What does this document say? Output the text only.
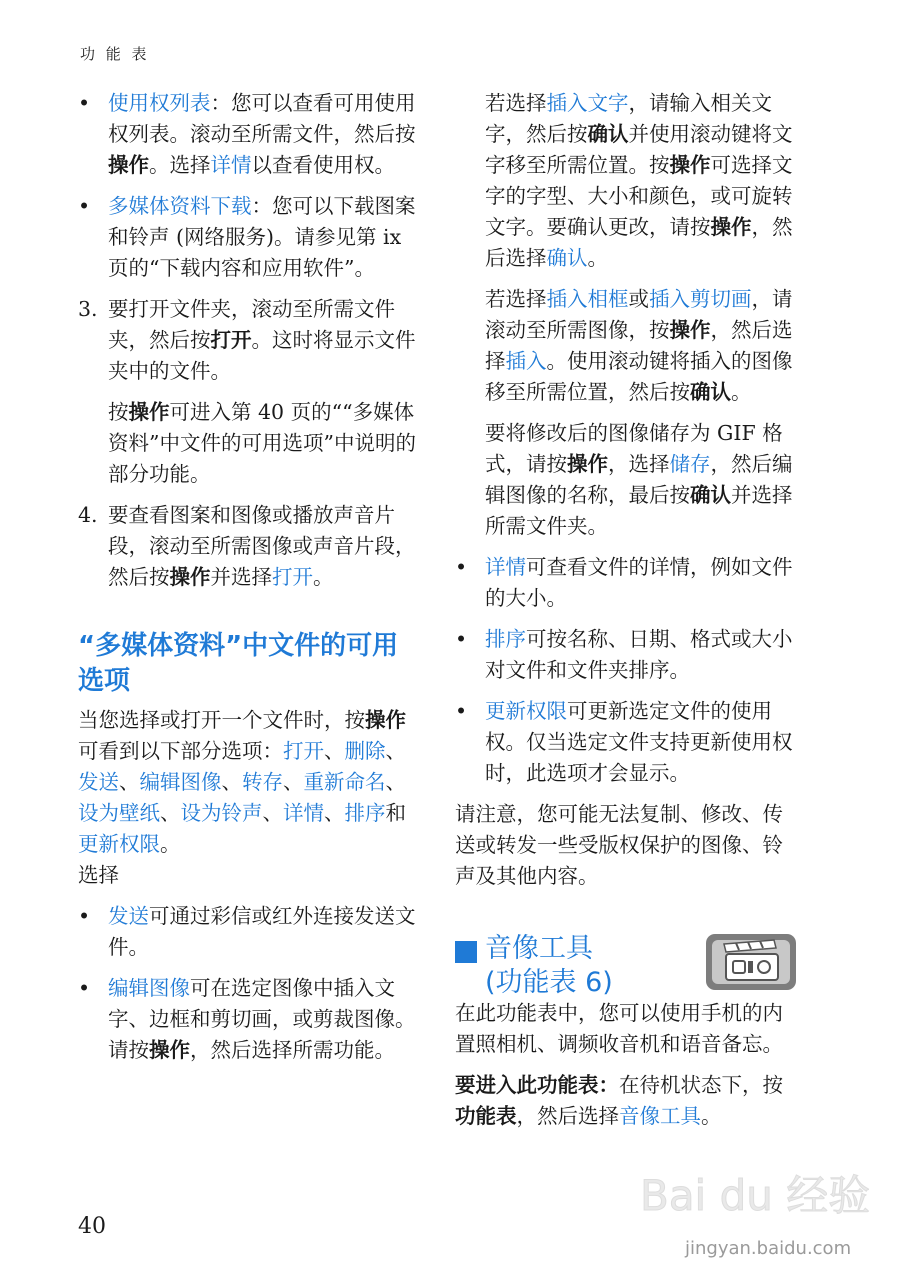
功 能 表
• 使用权列表：您可以查看可用使用权列表。滚动至所需文件，然后按操作。选择详情以查看使用权。
• 多媒体资料下载：您可以下载图案和铃声 (网络服务)。请参见第 ix 页的“下载内容和应用软件”。
3. 要打开文件夹，滚动至所需文件夹，然后按打开。这时将显示文件夹中的文件。
按操作可进入第 40 页的““多媒体资料”中文件的可用选项”中说明的部分功能。
4. 要查看图案和图像或播放声音片段，滚动至所需图像或声音片段，然后按操作并选择打开。
“多媒体资料”中文件的可用选项
当您选择或打开一个文件时，按操作可看到以下部分选项：打开、删除、发送、编辑图像、转存、重新命名、设为壁纸、设为铃声、详情、排序和更新权限。
选择
• 发送可通过彩信或红外连接发送文件。
• 编辑图像可在选定图像中插入文字、边框和剪切画，或剪裁图像。请按操作，然后选择所需功能。
若选择插入文字，请输入相关文字，然后按确认并使用滚动键将文字移至所需位置。按操作可选择文字的字型、大小和颜色，或可旋转文字。要确认更改，请按操作，然后选择确认。
若选择插入相框或插入剪切画，请滚动至所需图像，按操作，然后选择插入。使用滚动键将插入的图像移至所需位置，然后按确认。
要将修改后的图像储存为 GIF 格式，请按操作，选择储存，然后编辑图像的名称，最后按确认并选择所需文件夹。
• 详情可查看文件的详情，例如文件的大小。
• 排序可按名称、日期、格式或大小对文件和文件夹排序。
• 更新权限可更新选定文件的使用权。仅当选定文件支持更新使用权时，此选项才会显示。
请注意，您可能无法复制、修改、传送或转发一些受版权保护的图像、铃声及其他内容。
音像工具
(功能表 6)
在此功能表中，您可以使用手机的内置照相机、调频收音机和语音备忘。
要进入此功能表：在待机状态下，按功能表，然后选择音像工具。
40
Bai du 经验
jingyan.baidu.com
